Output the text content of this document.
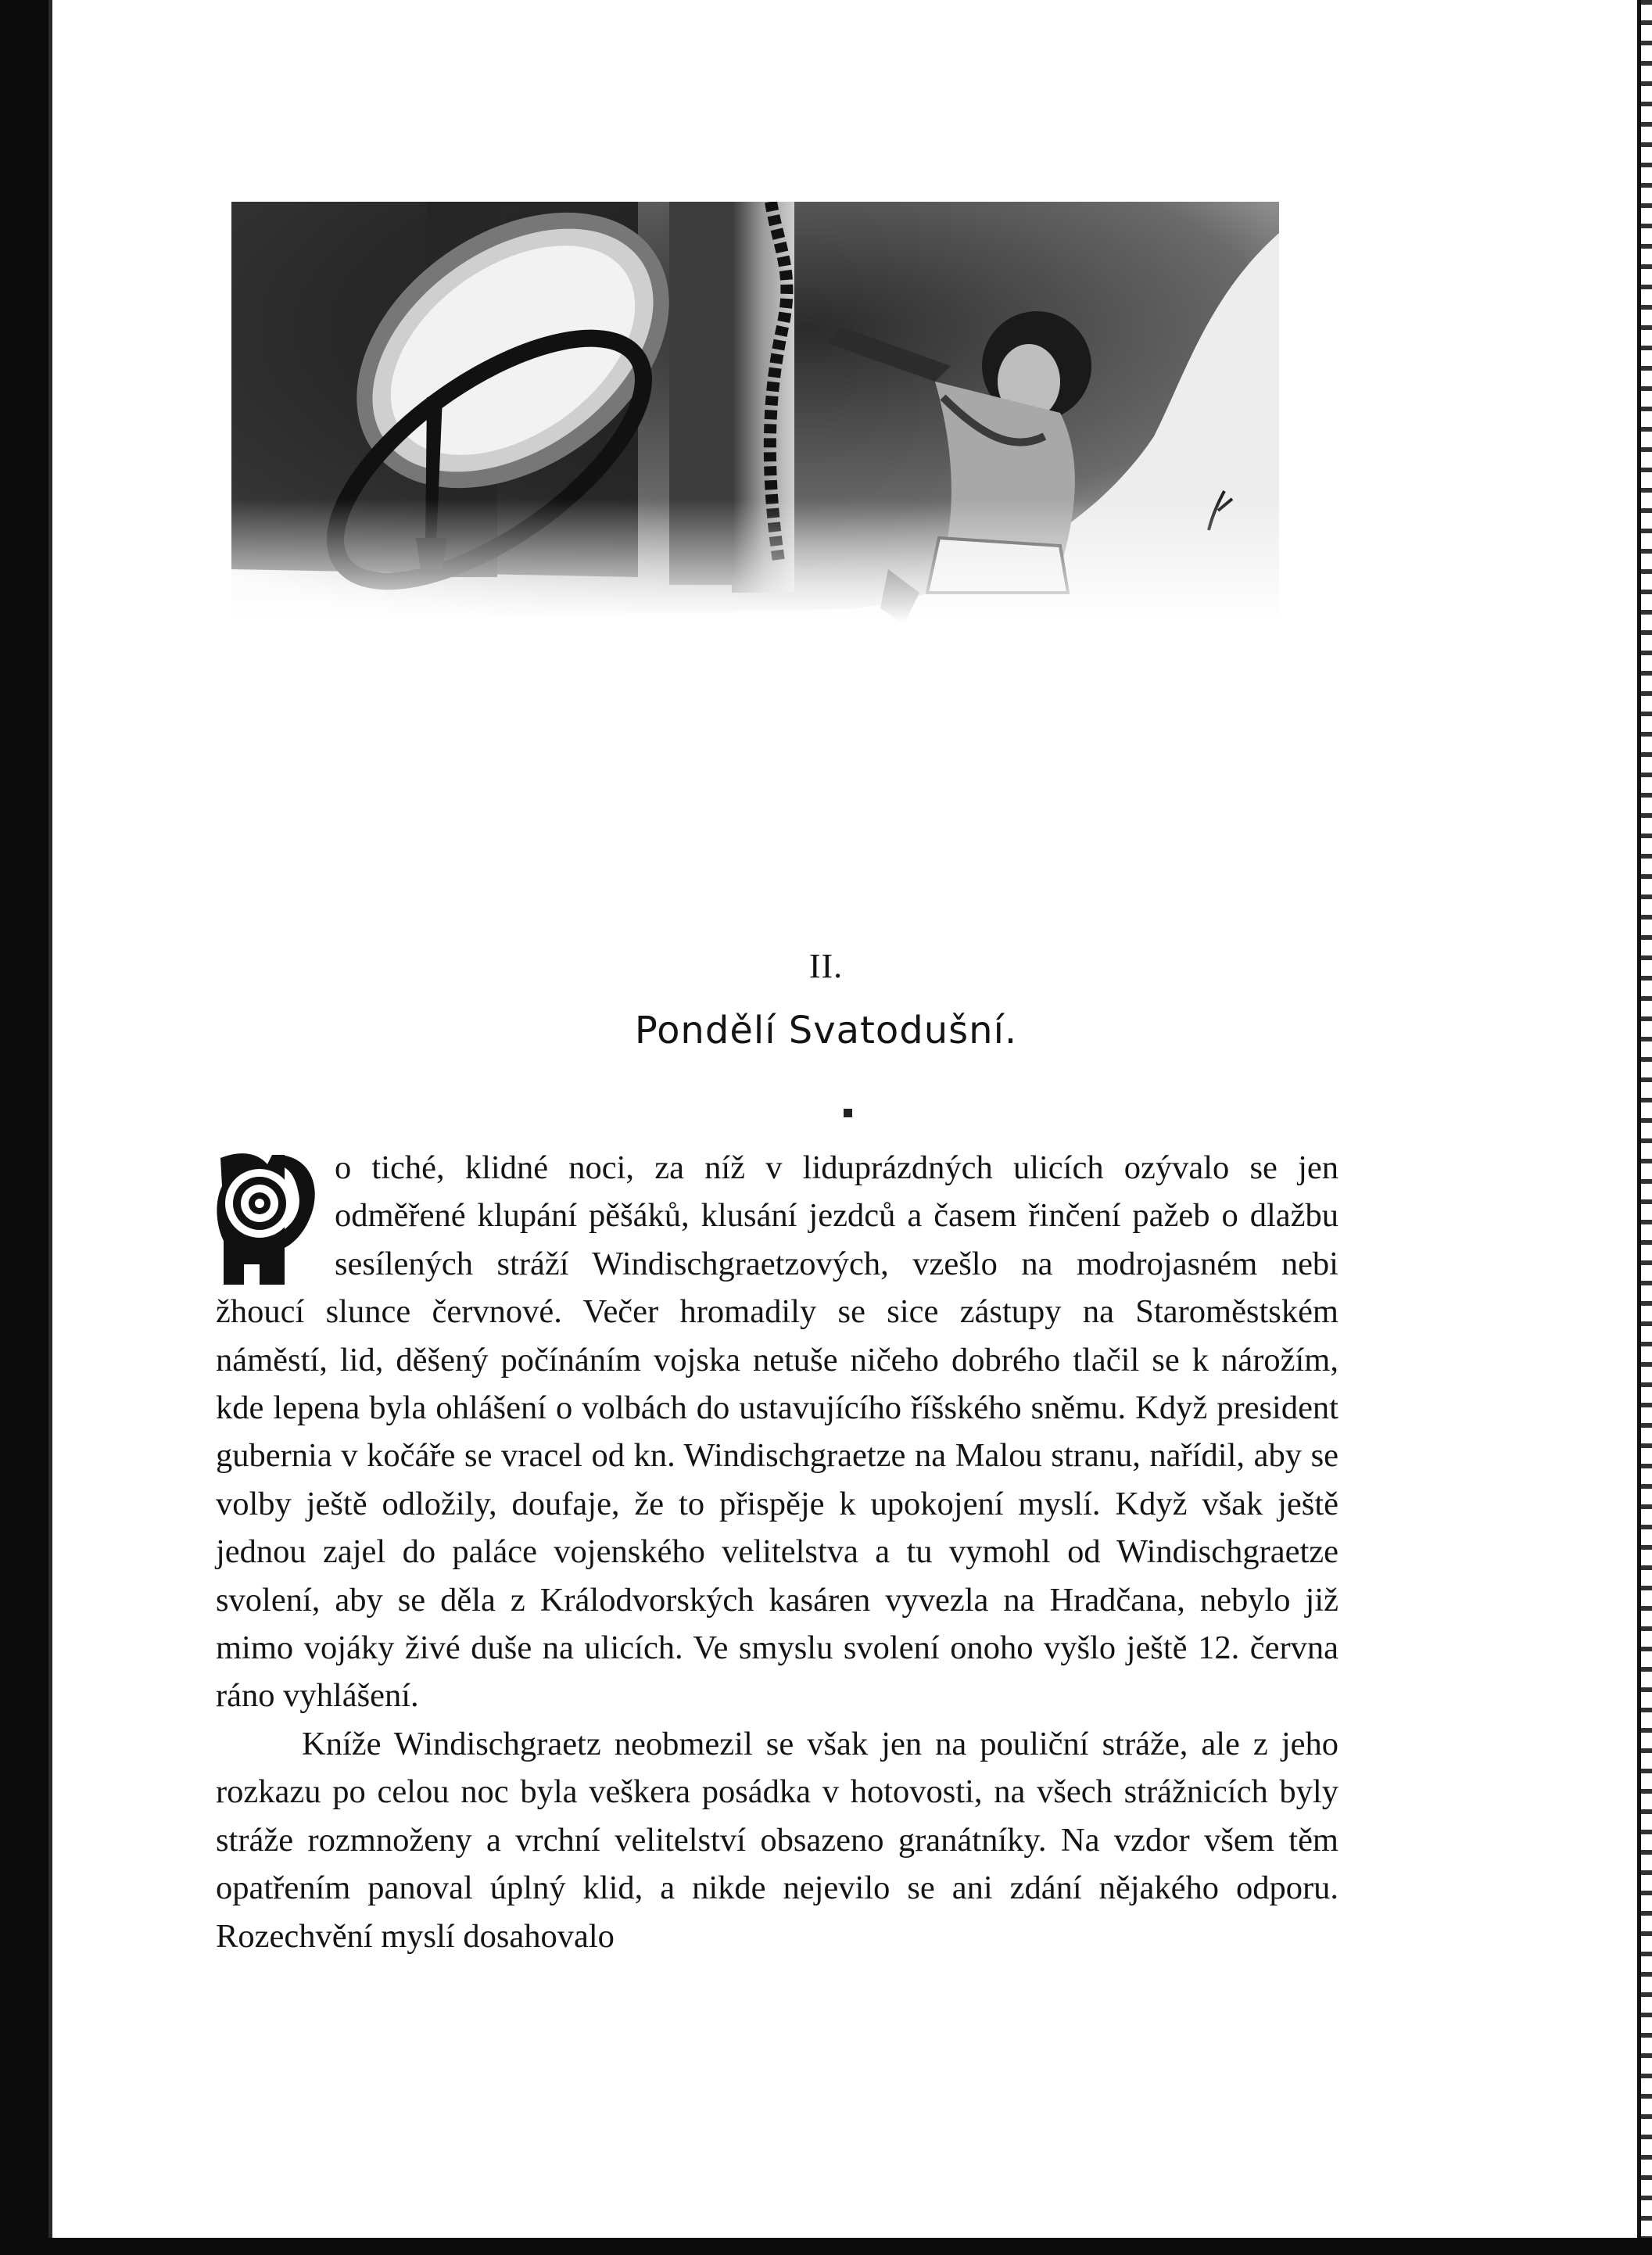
II.
Pondělí Svatodušní.

o tiché, klidné noci, za níž v liduprázdných ulicích ozývalo se jen odměřené klupání pěšáků, klusání jezdců a časem řinčení pažeb o dlažbu sesílených stráží Windischgraetzových, vzešlo na modrojasném nebi žhoucí slunce červnové. Večer hromadily se sice zástupy na Staroměstském náměstí, lid, děšený počínáním vojska netuše ničeho dobrého tlačil se k nárožím, kde lepena byla ohlášení o volbách do ustavujícího říšského sněmu. Když president gubernia v kočáře se vracel od kn. Windischgraetze na Malou stranu, nařídil, aby se volby ještě odložily, doufaje, že to přispěje k upokojení myslí. Když však ještě jednou zajel do paláce vojenského velitelstva a tu vymohl od Windischgraetze svolení, aby se děla z Králodvorských kasáren vyvezla na Hradčana, nebylo již mimo vojáky živé duše na ulicích. Ve smyslu svolení onoho vyšlo ještě 12. června ráno vyhlášení.

Kníže Windischgraetz neobmezil se však jen na pouliční stráže, ale z jeho rozkazu po celou noc byla veškera posádka v hotovosti, na všech strážnicích byly stráže rozmnoženy a vrchní velitelství obsazeno granátníky. Na vzdor všem těm opatřením panoval úplný klid, a nikde nejevilo se ani zdání nějakého odporu. Rozechvění myslí dosahovalo
